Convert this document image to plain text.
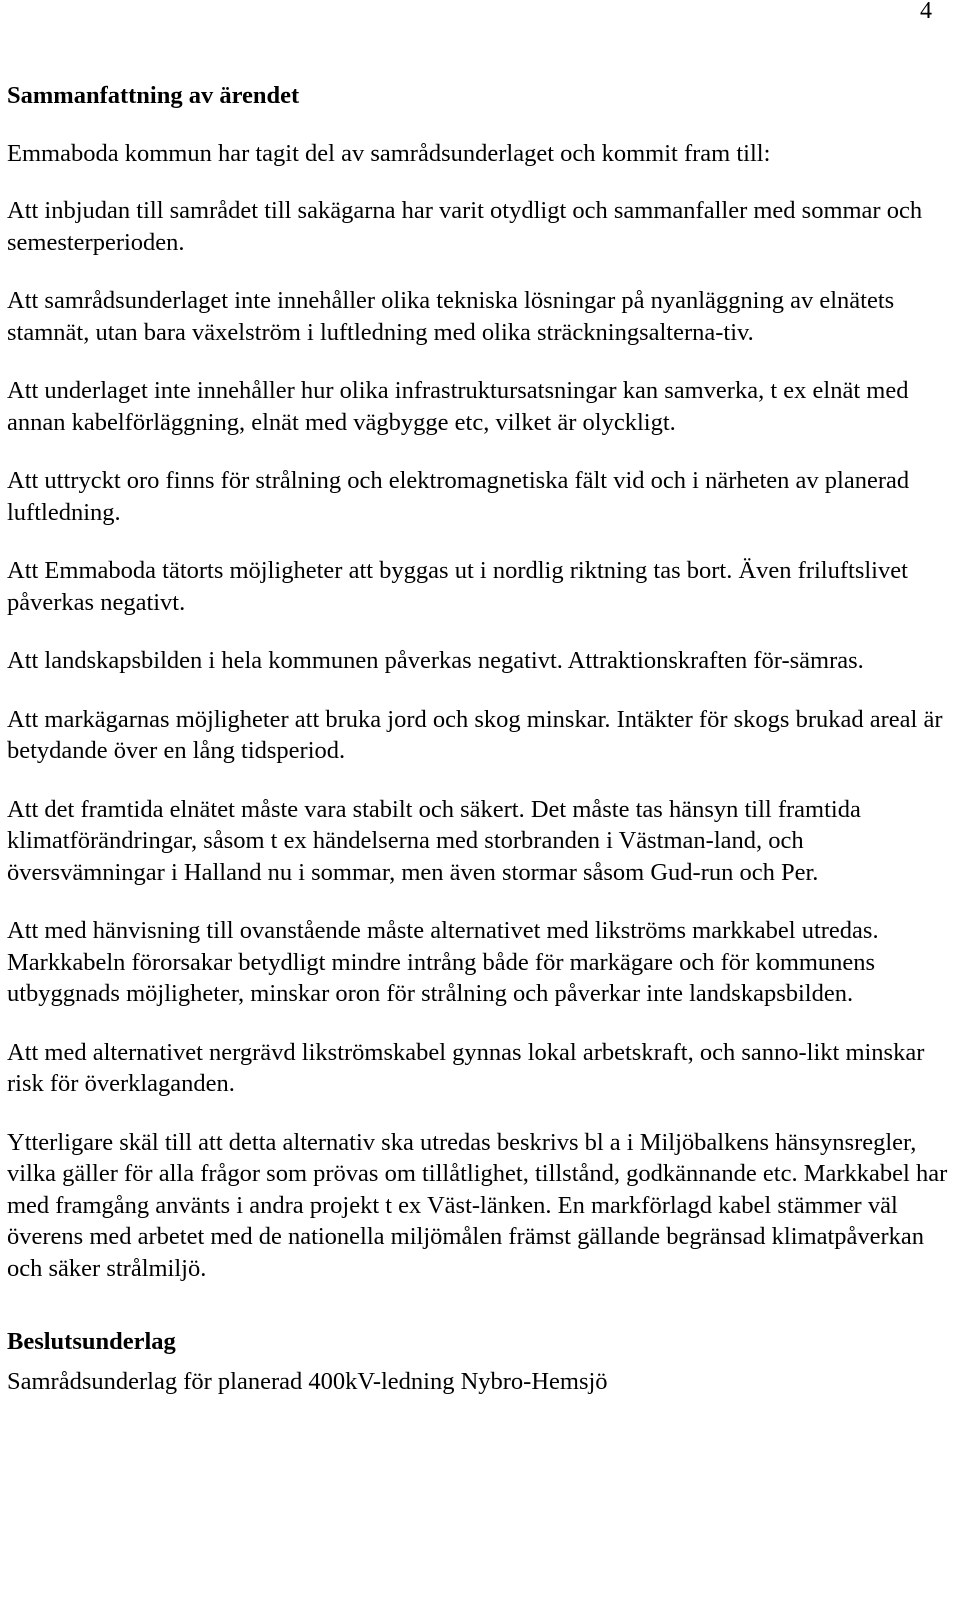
4

Sammanfattning av ärendet

Emmaboda kommun har tagit del av samrådsunderlaget och kommit fram till:

Att inbjudan till samrådet till sakägarna har varit otydligt och sammanfaller med sommar och semesterperioden.

Att samrådsunderlaget inte innehåller olika tekniska lösningar på nyanläggning av elnätets stamnät, utan bara växelström i luftledning med olika sträckningsalterna-tiv.

Att underlaget inte innehåller hur olika infrastruktursatsningar kan samverka, t ex elnät med annan kabelförläggning, elnät med vägbygge etc, vilket är olyckligt.

Att uttryckt oro finns för strålning och elektromagnetiska fält vid och i närheten av planerad luftledning.

Att Emmaboda tätorts möjligheter att byggas ut i nordlig riktning tas bort. Även friluftslivet påverkas negativt.

Att landskapsbilden i hela kommunen påverkas negativt. Attraktionskraften för-sämras.

Att markägarnas möjligheter att bruka jord och skog minskar. Intäkter för skogs brukad areal är betydande över en lång tidsperiod.

Att det framtida elnätet måste vara stabilt och säkert. Det måste tas hänsyn till framtida klimatförändringar, såsom t ex händelserna med storbranden i Västman-land, och översvämningar i Halland nu i sommar, men även stormar såsom Gud-run och Per.

Att med hänvisning till ovanstående måste alternativet med likströms markkabel utredas. Markkabeln förorsakar betydligt mindre intrång både för markägare och för kommunens utbyggnads möjligheter, minskar oron för strålning och påverkar inte landskapsbilden.

Att med alternativet nergrävd likströmskabel gynnas lokal arbetskraft, och sanno-likt minskar risk för överklaganden.

Ytterligare skäl till att detta alternativ ska utredas beskrivs bl a i Miljöbalkens hänsynsregler, vilka gäller för alla frågor som prövas om tillåtlighet, tillstånd, godkännande etc. Markkabel har med framgång använts i andra projekt t ex Väst-länken. En markförlagd kabel stämmer väl överens med arbetet med de nationella miljömålen främst gällande begränsad klimatpåverkan och säker strålmiljö.

Beslutsunderlag

Samrådsunderlag för planerad 400kV-ledning Nybro-Hemsjö
